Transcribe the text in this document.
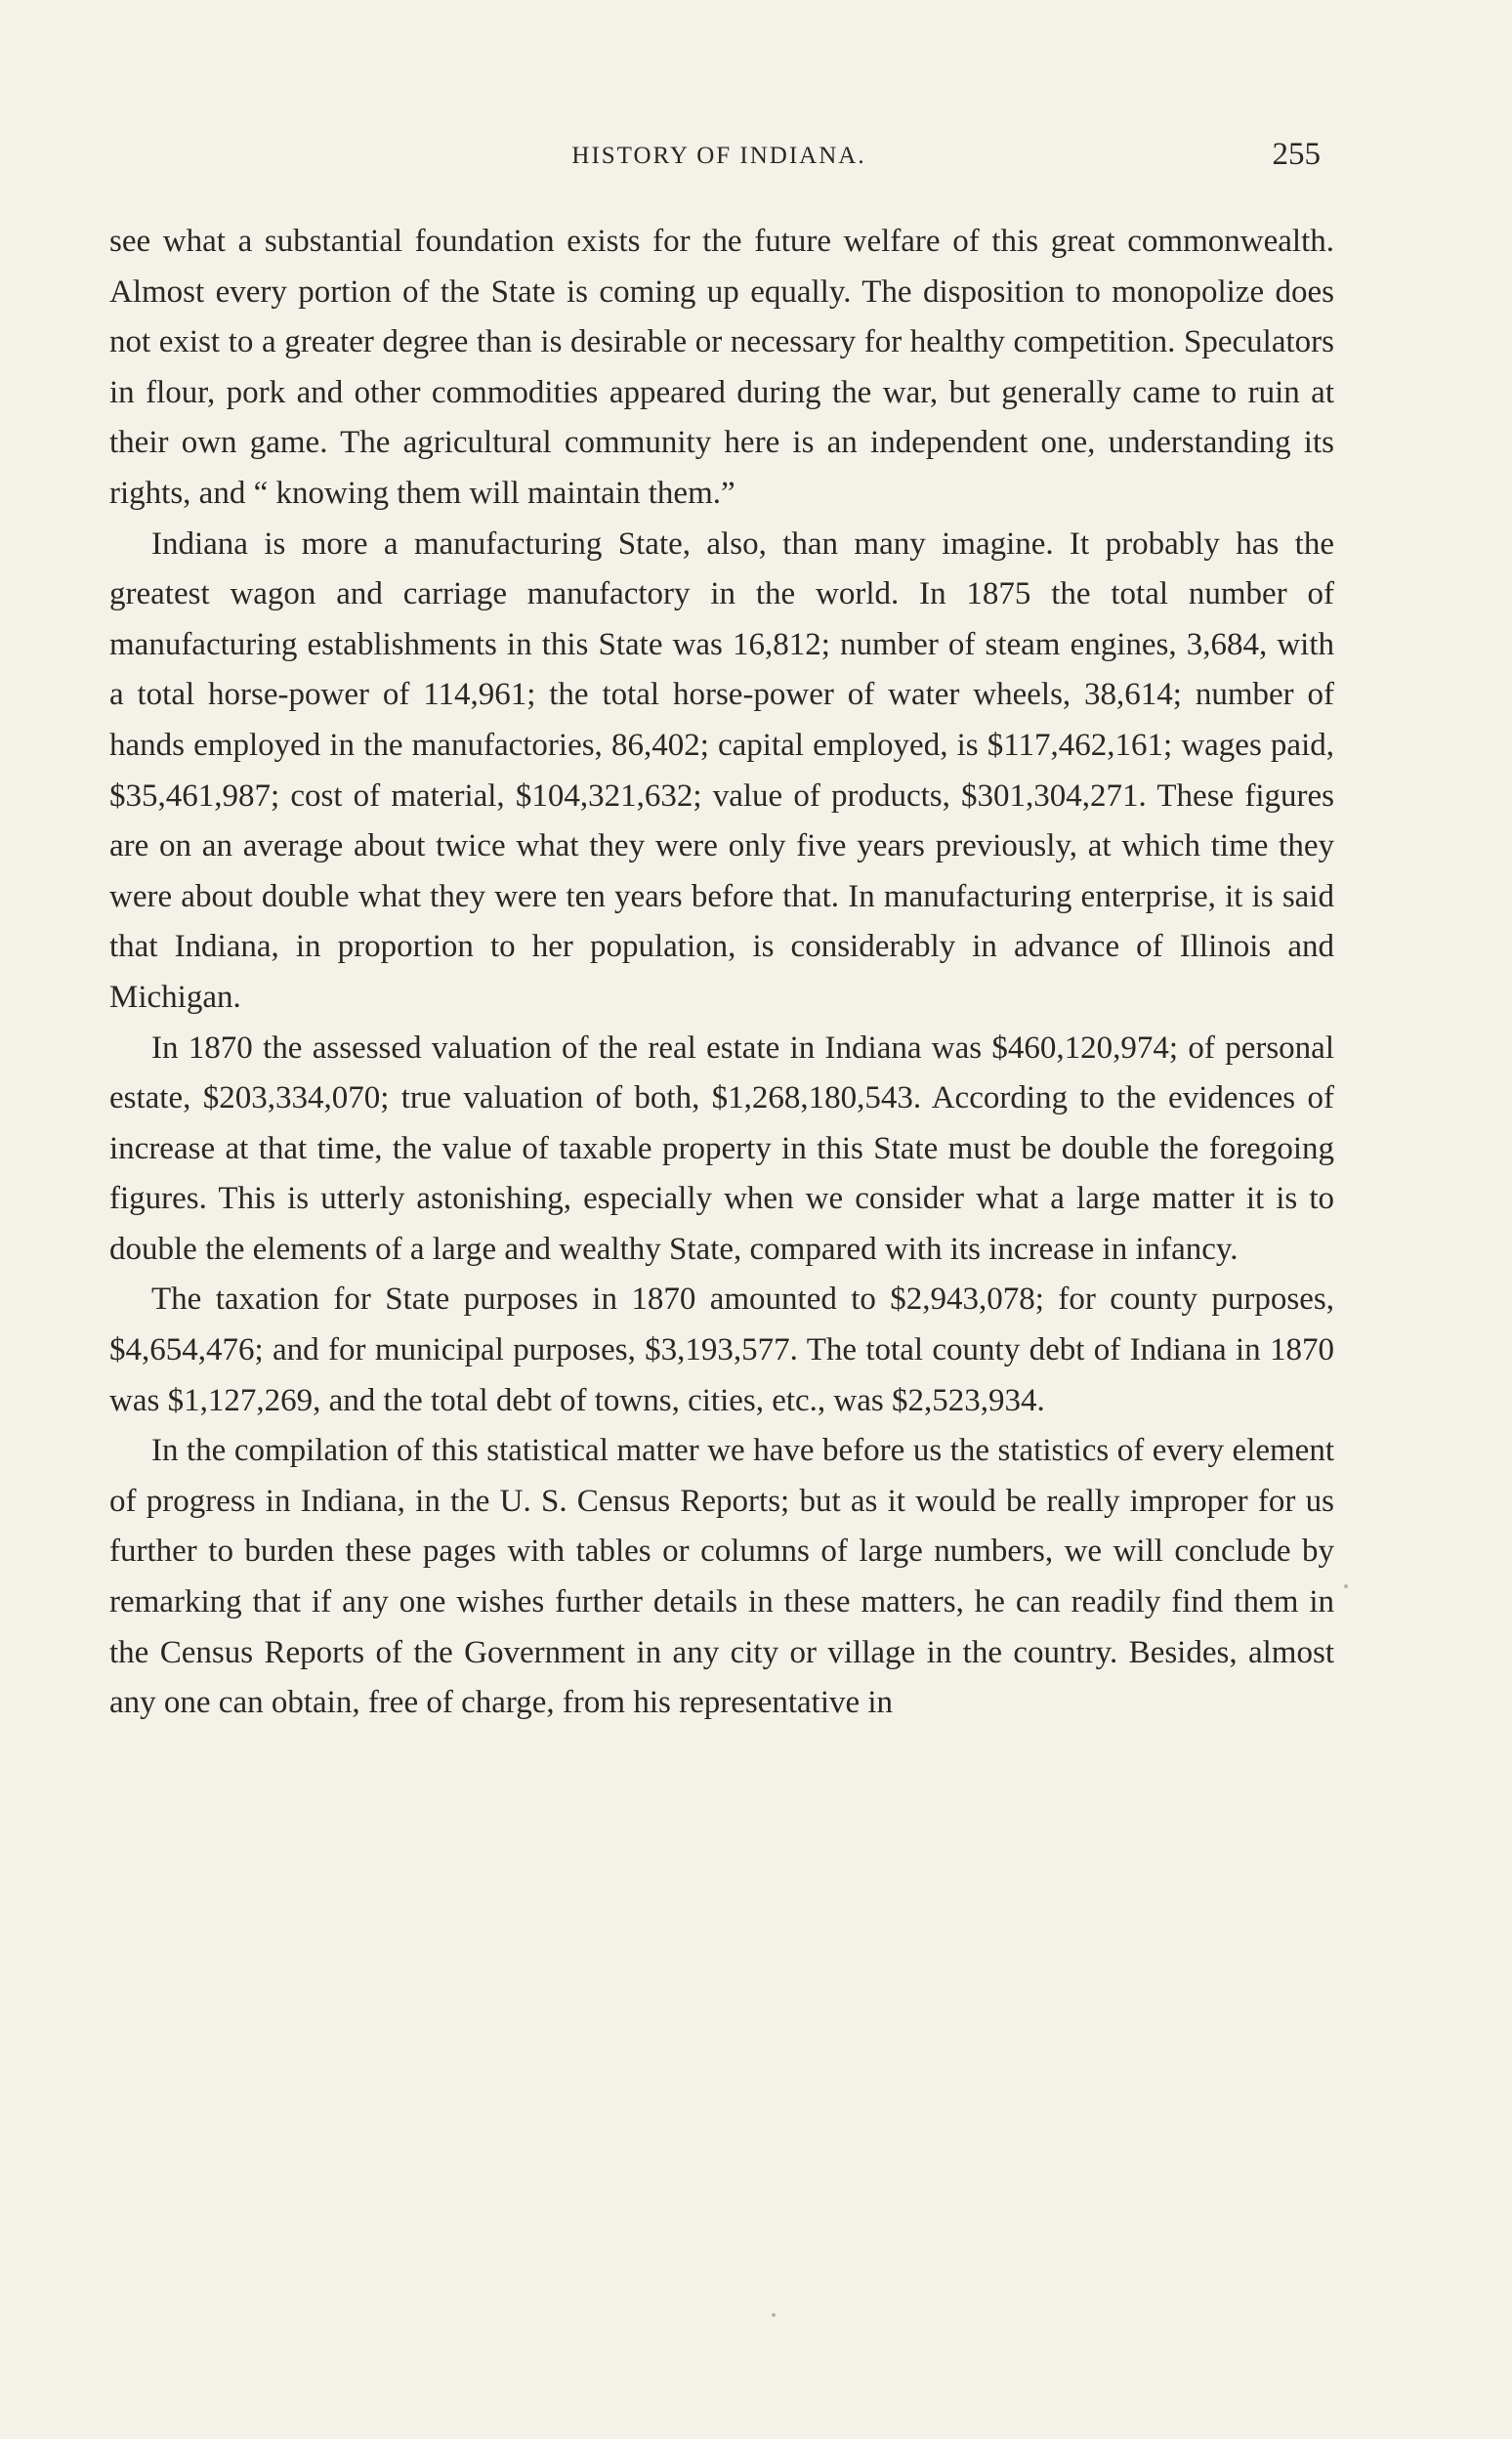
HISTORY OF INDIANA.	255

see what a substantial foundation exists for the future welfare of this great commonwealth. Almost every portion of the State is coming up equally. The disposition to monopolize does not exist to a greater degree than is desirable or necessary for healthy competition. Speculators in flour, pork and other commodities appeared during the war, but generally came to ruin at their own game. The agricultural community here is an independent one, understanding its rights, and “ knowing them will maintain them.”

Indiana is more a manufacturing State, also, than many imagine. It probably has the greatest wagon and carriage manufactory in the world. In 1875 the total number of manufacturing establishments in this State was 16,812; number of steam engines, 3,684, with a total horse-power of 114,961; the total horse-power of water wheels, 38,614; number of hands employed in the manufactories, 86,402; capital employed, is $117,462,161; wages paid, $35,461,987; cost of material, $104,321,632; value of products, $301,304,271. These figures are on an average about twice what they were only five years previously, at which time they were about double what they were ten years before that. In manufacturing enterprise, it is said that Indiana, in proportion to her population, is considerably in advance of Illinois and Michigan.

In 1870 the assessed valuation of the real estate in Indiana was $460,120,974; of personal estate, $203,334,070; true valuation of both, $1,268,180,543. According to the evidences of increase at that time, the value of taxable property in this State must be double the foregoing figures. This is utterly astonishing, especially when we consider what a large matter it is to double the elements of a large and wealthy State, compared with its increase in infancy.

The taxation for State purposes in 1870 amounted to $2,943,078; for county purposes, $4,654,476; and for municipal purposes, $3,193,577. The total county debt of Indiana in 1870 was $1,127,269, and the total debt of towns, cities, etc., was $2,523,934.

In the compilation of this statistical matter we have before us the statistics of every element of progress in Indiana, in the U. S. Census Reports; but as it would be really improper for us further to burden these pages with tables or columns of large numbers, we will conclude by remarking that if any one wishes further details in these matters, he can readily find them in the Census Reports of the Government in any city or village in the country. Besides, almost any one can obtain, free of charge, from his representative in
